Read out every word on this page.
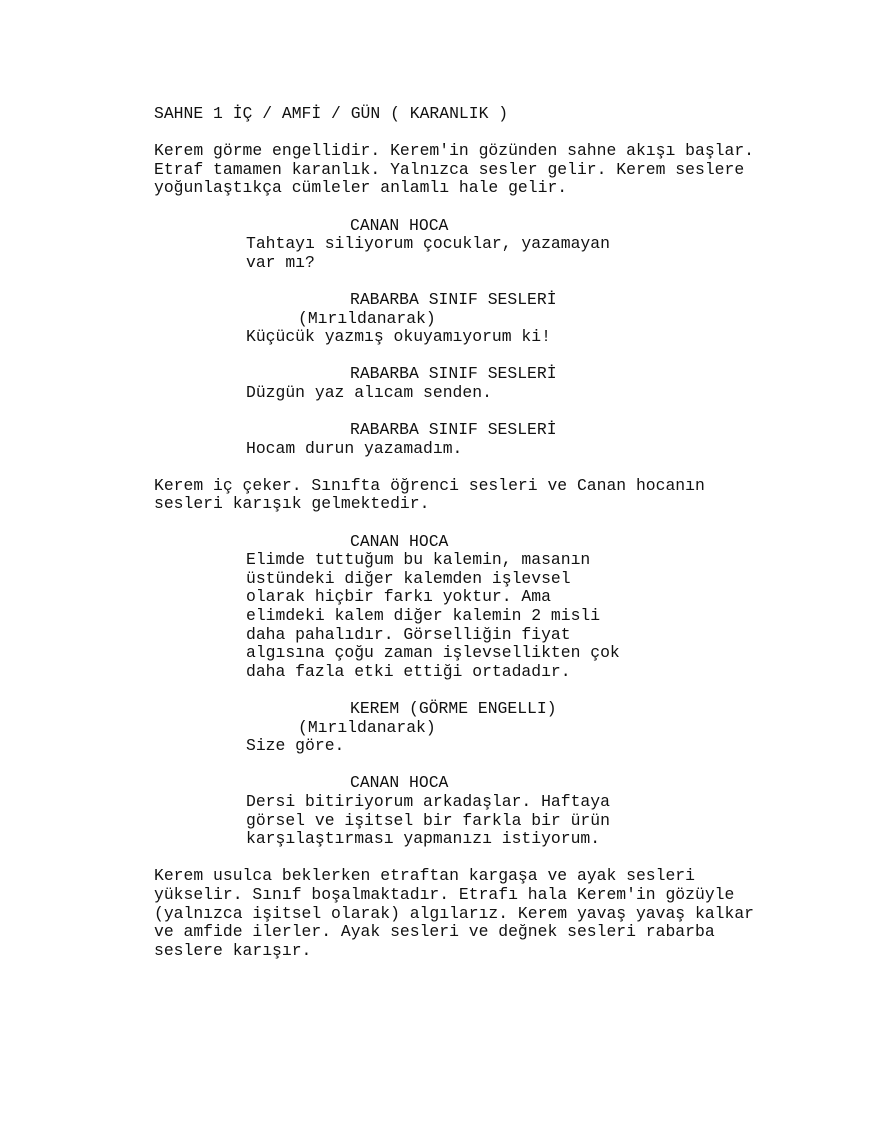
SAHNE 1 İÇ / AMFİ / GÜN ( KARANLIK )
Kerem görme engellidir. Kerem'in gözünden sahne akışı başlar.
Etraf tamamen karanlık. Yalnızca sesler gelir. Kerem seslere
yoğunlaştıkça cümleler anlamlı hale gelir.
CANAN HOCA
Tahtayı siliyorum çocuklar, yazamayan
var mı?
RABARBA SINIF SESLERİ
(Mırıldanarak)
Küçücük yazmış okuyamıyorum ki!
RABARBA SINIF SESLERİ
Düzgün yaz alıcam senden.
RABARBA SINIF SESLERİ
Hocam durun yazamadım.
Kerem iç çeker. Sınıfta öğrenci sesleri ve Canan hocanın
sesleri karışık gelmektedir.
CANAN HOCA
Elimde tuttuğum bu kalemin, masanın
üstündeki diğer kalemden işlevsel
olarak hiçbir farkı yoktur. Ama
elimdeki kalem diğer kalemin 2 misli
daha pahalıdır. Görselliğin fiyat
algısına çoğu zaman işlevsellikten çok
daha fazla etki ettiği ortadadır.
KEREM (GÖRME ENGELLI)
(Mırıldanarak)
Size göre.
CANAN HOCA
Dersi bitiriyorum arkadaşlar. Haftaya
görsel ve işitsel bir farkla bir ürün
karşılaştırması yapmanızı istiyorum.
Kerem usulca beklerken etraftan kargaşa ve ayak sesleri
yükselir. Sınıf boşalmaktadır. Etrafı hala Kerem'in gözüyle
(yalnızca işitsel olarak) algılarız. Kerem yavaş yavaş kalkar
ve amfide ilerler. Ayak sesleri ve değnek sesleri rabarba
seslere karışır.
